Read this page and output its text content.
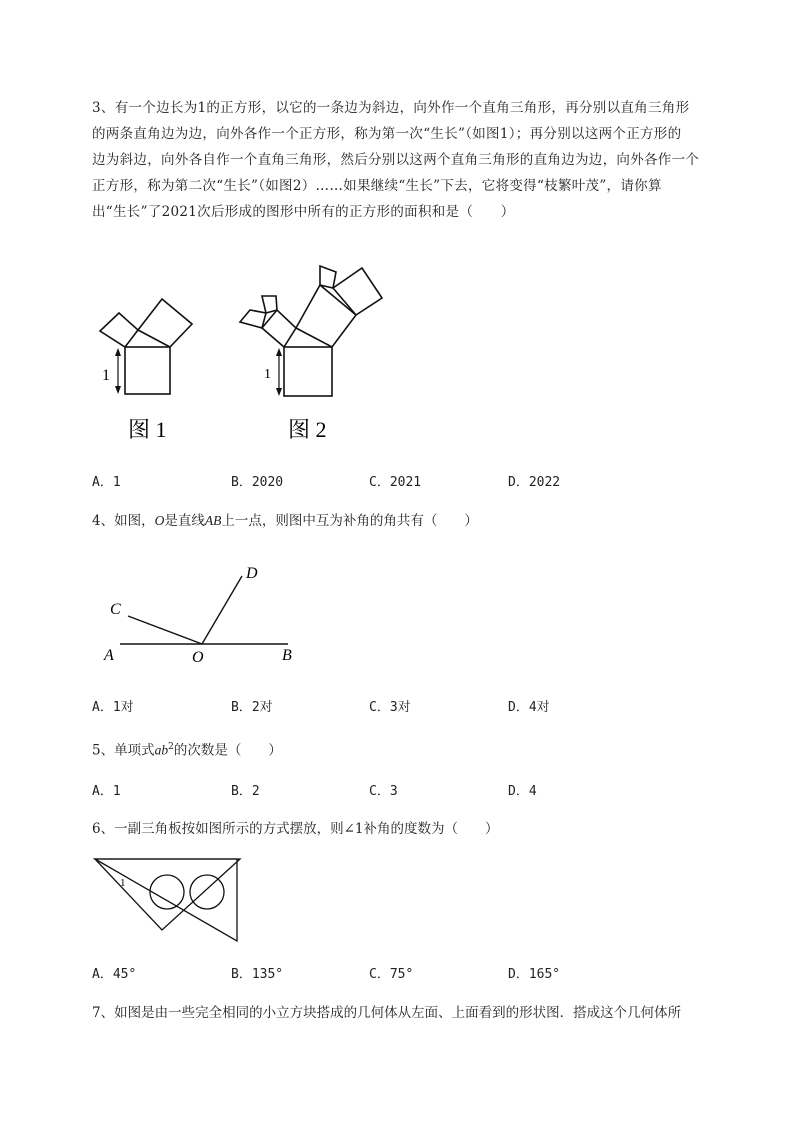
3、有一个边长为1的正方形，以它的一条边为斜边，向外作一个直角三角形，再分别以直角三角形
的两条直角边为边，向外各作一个正方形，称为第一次“生长”（如图1）；再分别以这两个正方形的
边为斜边，向外各自作一个直角三角形，然后分别以这两个直角三角形的直角边为边，向外各作一个
正方形，称为第二次“生长”（如图2）……如果继续“生长”下去，它将变得“枝繁叶茂”，请你算
出“生长”了2021次后形成的图形中所有的正方形的面积和是（　　）
1
图 1
1
图 2
A．1	B．2020	C．2021	D．2022
4、如图，O是直线AB上一点，则图中互为补角的角共有（　　）
D
C
A	O	B
A．1对	B．2对	C．3对	D．4对
5、单项式$ab^2$的次数是（　　）
A．1	B．2	C．3	D．4
6、一副三角板按如图所示的方式摆放，则∠1补角的度数为（　　）
1
A．45°	B．135°	C．75°	D．165°
7、如图是由一些完全相同的小立方块搭成的几何体从左面、上面看到的形状图．搭成这个几何体所
